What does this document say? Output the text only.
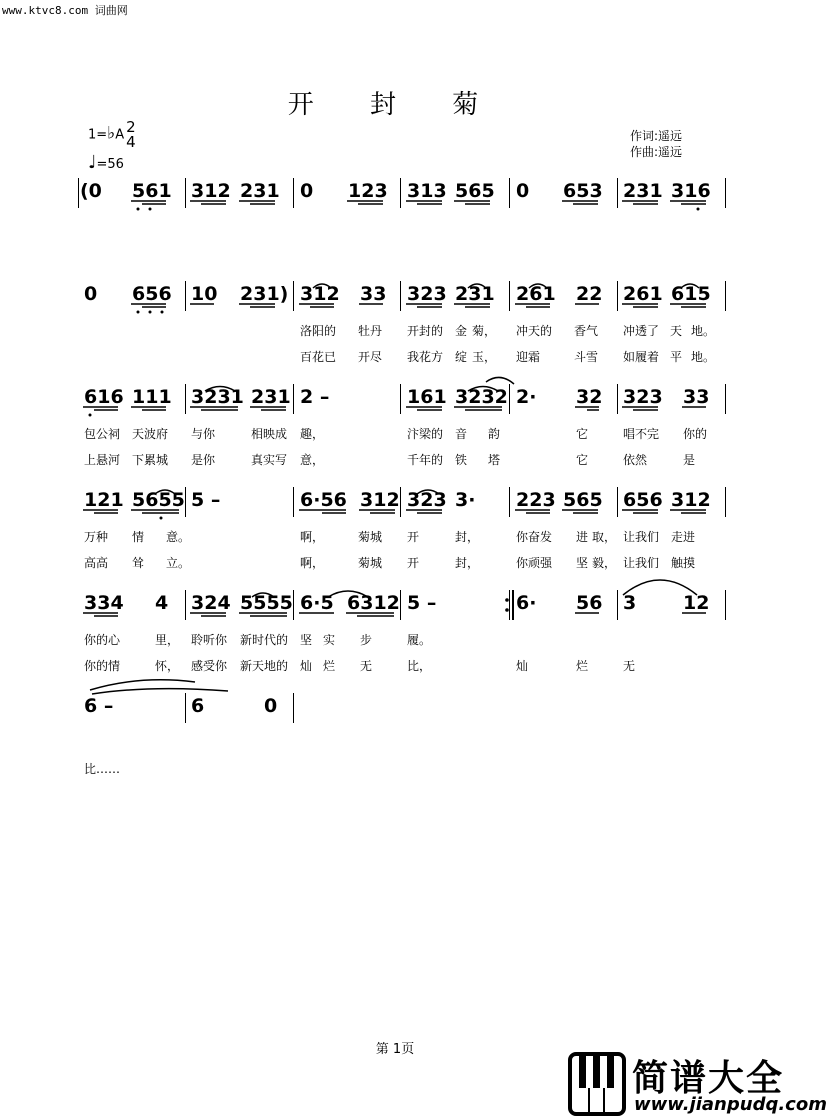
www.ktvc8.com 词曲网
开 封 菊
1=♭A 2
4
♩=56
作词:遥远
作曲:遥远
(0 561 312 231 0 123 313 565 0 653 231 316
0 656 10 231) 312 33 323 231 261 22 261 615
洛阳的 牡丹 开封的 金 菊， 冲天的 香气 冲透了 天 地。
百花已 开尽 我花方 绽 玉， 迎霜	斗雪 如履着 平 地。
616 111 3231 231 2 –	161 3232 2· 32 323 33
包公祠 天波府 与你	相映成 趣，	汴梁的 音 韵	它	唱不完 你的
上悬河 下累城 是你	真实写 意，	千年的 铁 塔	它	依然	是
121 5655 5 –	6·56 312 323 3· 223 565 656 312
万种 情 意。	啊，	菊城 开	封，	你奋发 进 取， 让我们 走进
高高 耸 立。	啊，	菊城 开	封，	你顽强 坚 毅， 让我们 触摸
334 4 324 5555 6·5 6312 5 –	6· 56 3 12
你的心	里， 聆听你 新时代的 坚 实 步	履。
你的情	怀， 感受你 新天地的 灿 烂 无	比，	灿	烂	无
6 –	6	0
比……
第 1页
简谱大全
www.jianpudq.com
